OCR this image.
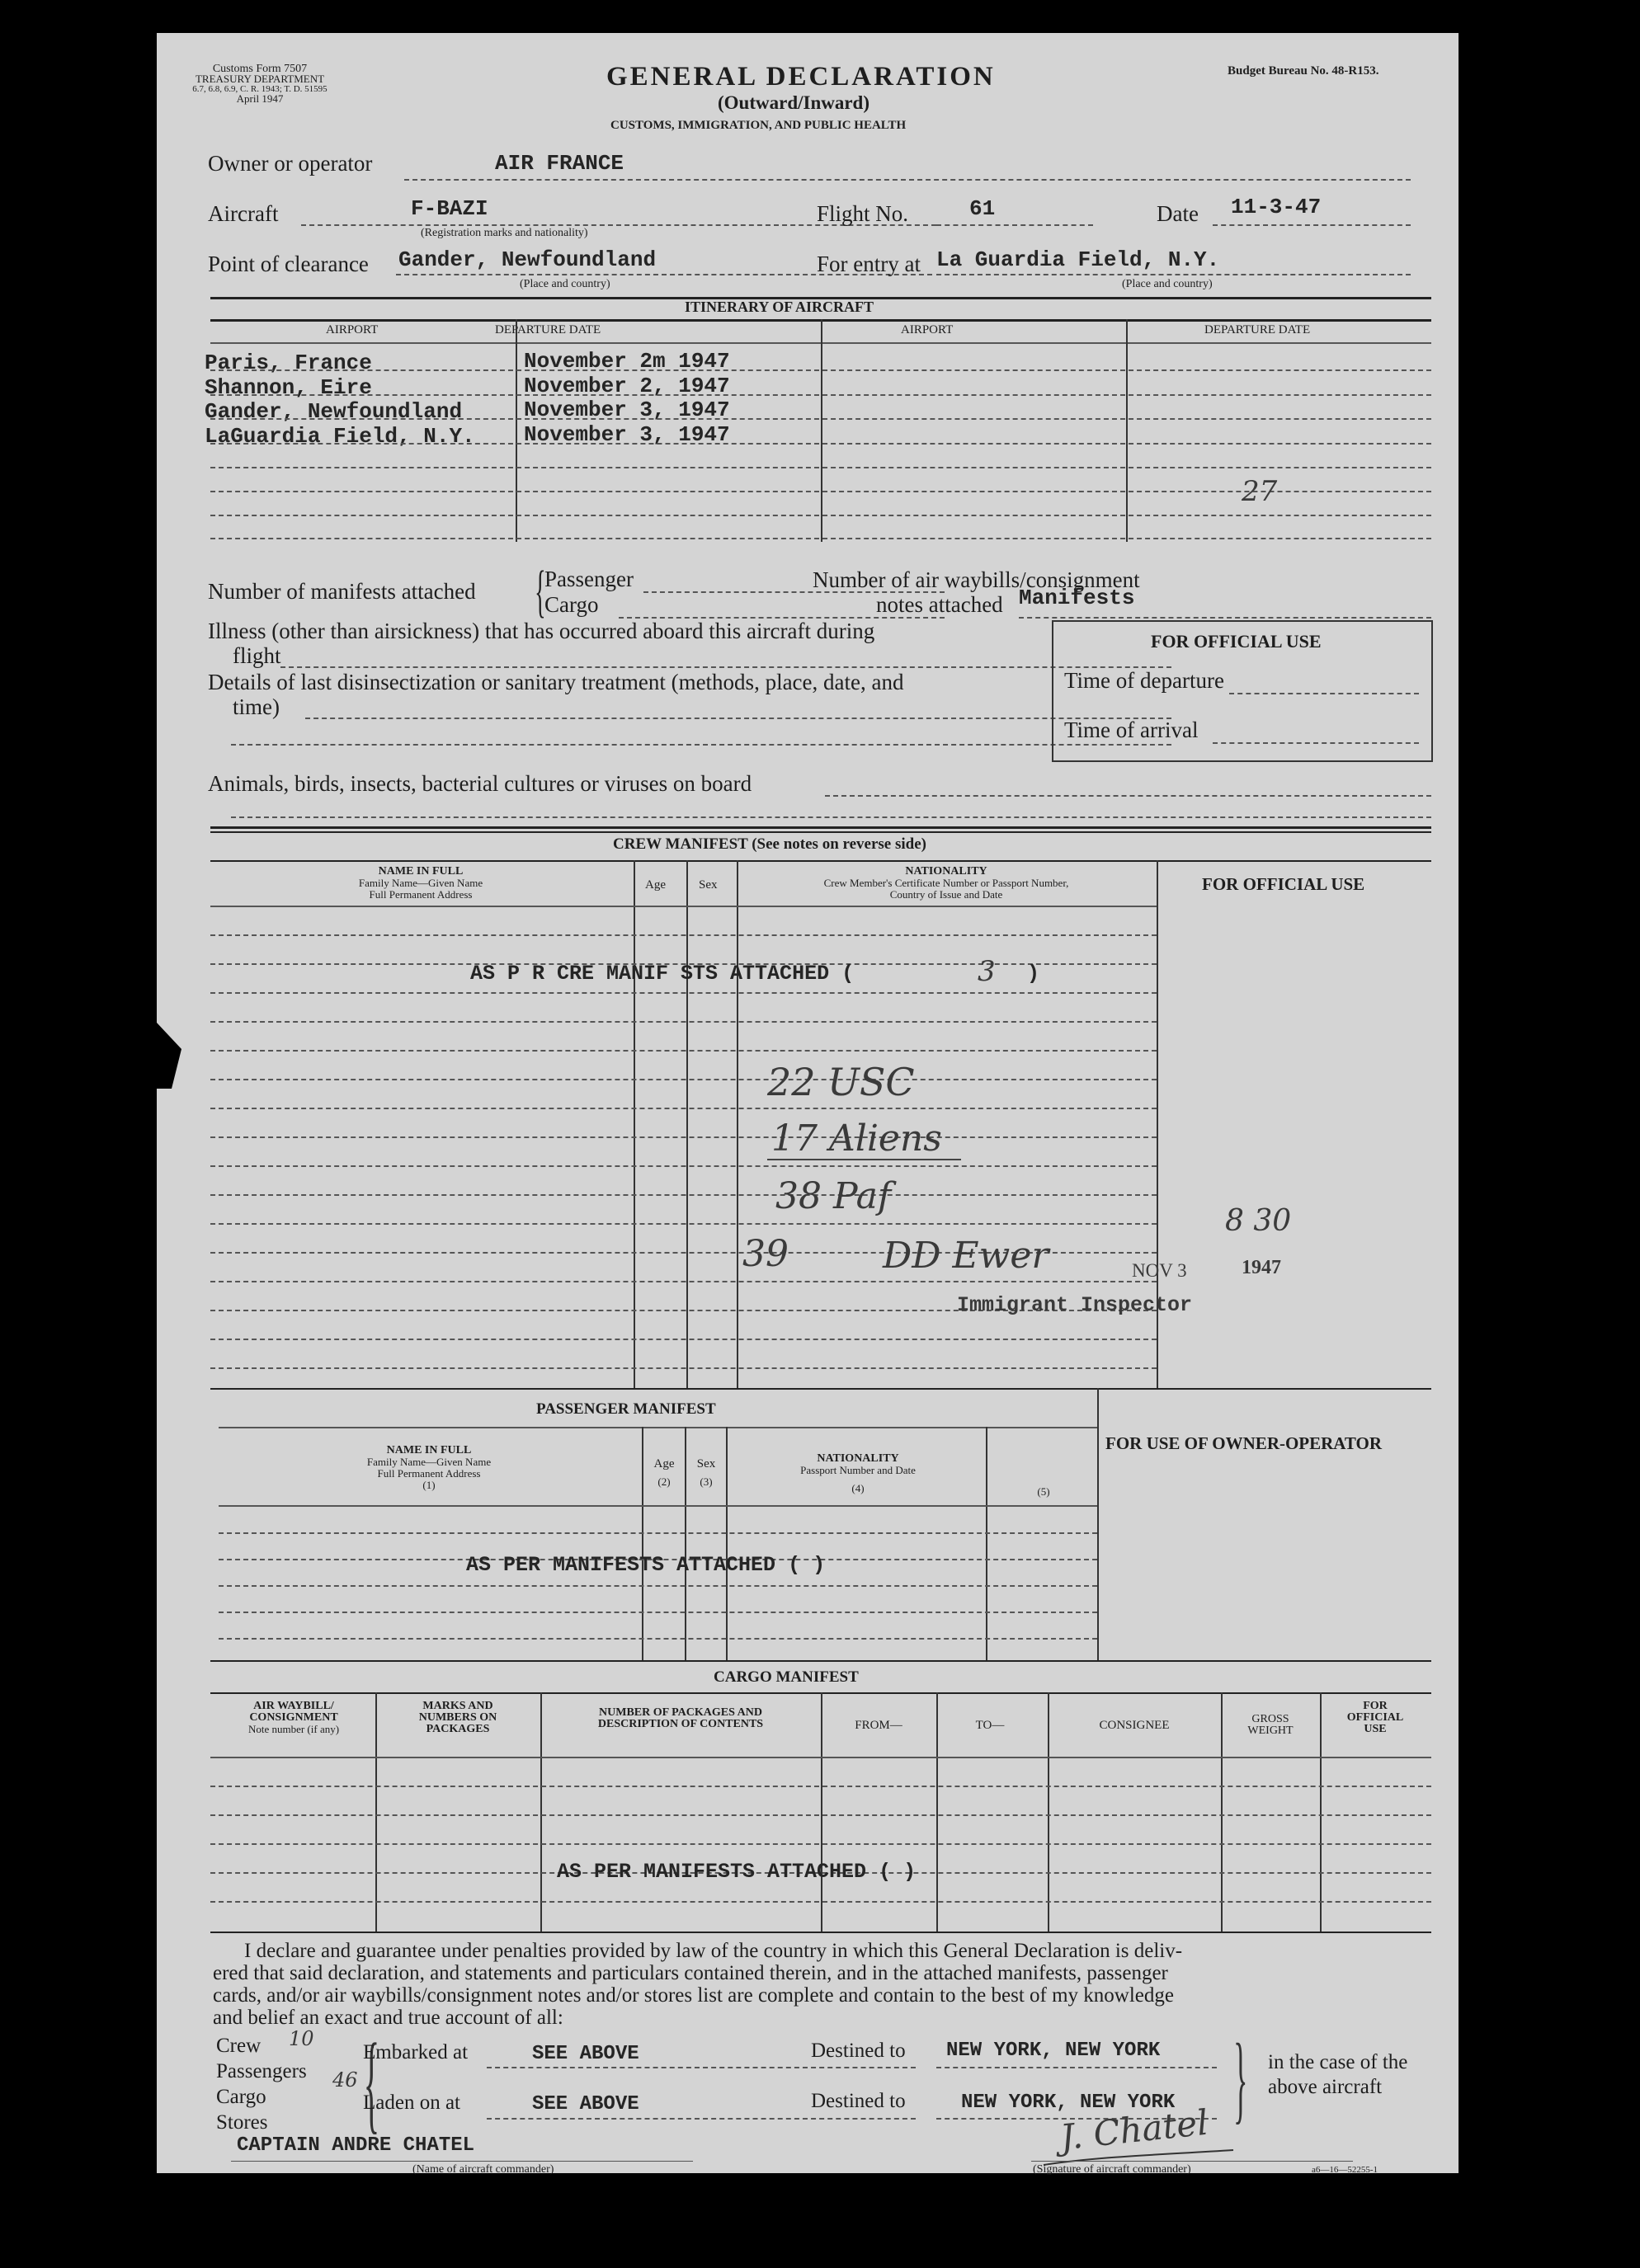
Customs Form 7507
TREASURY DEPARTMENT
6.7, 6.8, 6.9, C. R. 1943; T. D. 51595
April 1947
GENERAL DECLARATION
(Outward/Inward)
CUSTOMS, IMMIGRATION, AND PUBLIC HEALTH
Budget Bureau No. 48-R153.
Owner or operator	AIR FRANCE
Aircraft	F-BAZI
(Registration marks and nationality)
Flight No.	61	Date 11-3-47
Point of clearance Gander, Newfoundland
(Place and country)
For entry at La Guardia Field, N.Y.
(Place and country)
ITINERARY OF AIRCRAFT
AIRPORT	DEPARTURE DATE	AIRPORT	DEPARTURE DATE
Paris, France	November 2m 1947
Shannon, Eire	November 2, 1947
Gander, Newfoundland	November 3, 1947
LaGuardia Field, N.Y. November 3, 1947
27
Number of manifests attached {
Passenger
Cargo
Number of air waybills/consignment
notes attached Manifests
Illness (other than airsickness) that has occurred aboard this aircraft during
flight
Details of last disinsectization or sanitary treatment (methods, place, date, and
time)
FOR OFFICIAL USE
Time of departure
Time of arrival
Animals, birds, insects, bacterial cultures or viruses on board
CREW MANIFEST (See notes on reverse side)
NAME IN FULL
Family Name—Given Name
Full Permanent Address
Age	Sex
NATIONALITY
Crew Member's Certificate Number or Passport Number,
Country of Issue and Date
FOR OFFICIAL USE
AS P R CRE MANIF STS ATTACHED (	3 )
22 USC
17 Aliens
38 Paf
39	DD Ewer
8 30
NOV 3	1947
Immigrant Inspector
PASSENGER MANIFEST
FOR USE OF OWNER-OPERATOR
NAME IN FULL
Family Name—Given Name
Full Permanent Address
(1)
Age
(2)
Sex
(3)
NATIONALITY
Passport Number and Date
(4)	(5)
AS PER MANIFESTS ATTACHED ( )
CARGO MANIFEST
AIR WAYBILL/
CONSIGNMENT
Note number (if any)
MARKS AND
NUMBERS ON
PACKAGES
NUMBER OF PACKAGES AND
DESCRIPTION OF CONTENTS	FROM—	TO—	CONSIGNEE	GROSS
WEIGHT
FOR
OFFICIAL
USE
AS PER MANIFESTS ATTACHED ( )
I declare and guarantee under penalties provided by law of the country in which this General Declaration is deliv-
ered that said declaration, and statements and particulars contained therein, and in the attached manifests, passenger
cards, and/or air waybills/consignment notes and/or stores list are complete and contain to the best of my knowledge
and belief an exact and true account of all:
Crew
Passengers
Cargo
Stores
10
46 {
Embarked at	SEE ABOVE
Laden on at	SEE ABOVE
Destined to NEW YORK, NEW YORK
Destined to	NEW YORK, NEW YORK } in the case of the
above aircraft
CAPTAIN ANDRE CHATEL
(Name of aircraft commander)
J. Chatel
(Signature of aircraft commander)	a6—16—52255-1
